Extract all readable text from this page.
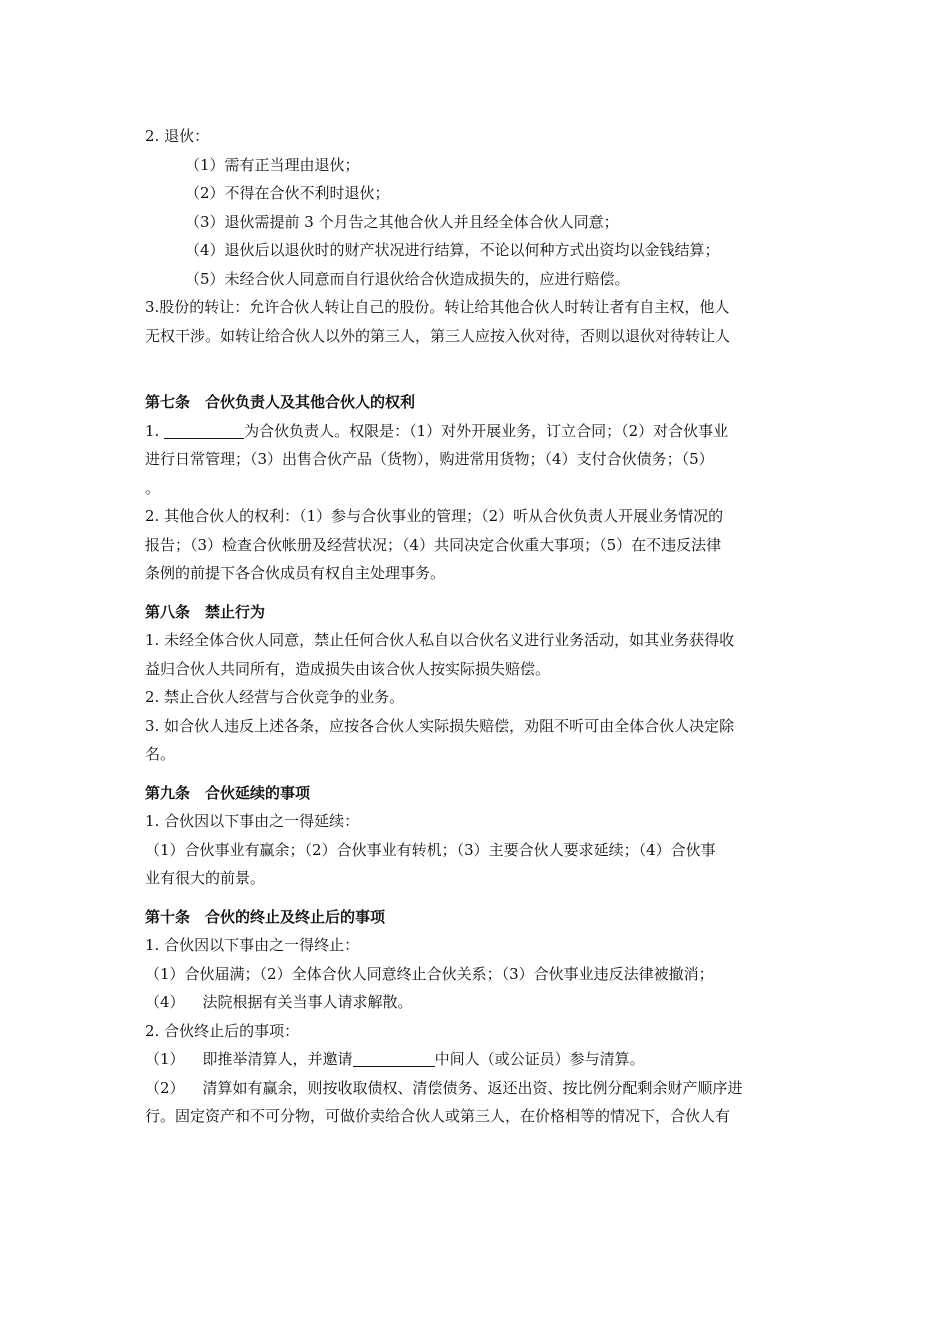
2. 退伙：

（1）需有正当理由退伙；

（2）不得在合伙不利时退伙；

（3）退伙需提前 3 个月告之其他合伙人并且经全体合伙人同意；

（4）退伙后以退伙时的财产状况进行结算，不论以何种方式出资均以金钱结算；

（5）未经合伙人同意而自行退伙给合伙造成损失的，应进行赔偿。

3.股份的转让：允许合伙人转让自己的股份。转让给其他合伙人时转让者有自主权，他人

无权干涉。如转让给合伙人以外的第三人，第三人应按入伙对待，否则以退伙对待转让人

第七条　合伙负责人及其他合伙人的权利

1.	为合伙负责人。权限是：（1）对外开展业务，订立合同；（2）对合伙事业

进行日常管理；（3）出售合伙产品（货物），购进常用货物；（4）支付合伙债务；（5）

。

2. 其他合伙人的权利：（1）参与合伙事业的管理；（2）听从合伙负责人开展业务情况的

报告；（3）检查合伙帐册及经营状况；（4）共同决定合伙重大事项；（5）在不违反法律

条例的前提下各合伙成员有权自主处理事务。

第八条　禁止行为

1. 未经全体合伙人同意，禁止任何合伙人私自以合伙名义进行业务活动，如其业务获得收

益归合伙人共同所有，造成损失由该合伙人按实际损失赔偿。

2. 禁止合伙人经营与合伙竞争的业务。

3. 如合伙人违反上述各条，应按各合伙人实际损失赔偿，劝阻不听可由全体合伙人决定除

名。

第九条　合伙延续的事项

1. 合伙因以下事由之一得延续：

（1）合伙事业有赢余；（2）合伙事业有转机；（3）主要合伙人要求延续；（4）合伙事

业有很大的前景。

第十条　合伙的终止及终止后的事项

1. 合伙因以下事由之一得终止：

（1）合伙届满；（2）全体合伙人同意终止合伙关系；（3）合伙事业违反法律被撤消；

（4） 法院根据有关当事人请求解散。

2. 合伙终止后的事项：

（1） 即推举清算人，并邀请	中间人（或公证员）参与清算。

（2） 清算如有赢余，则按收取债权、清偿债务、返还出资、按比例分配剩余财产顺序进

行。固定资产和不可分物，可做价卖给合伙人或第三人，在价格相等的情况下，合伙人有
